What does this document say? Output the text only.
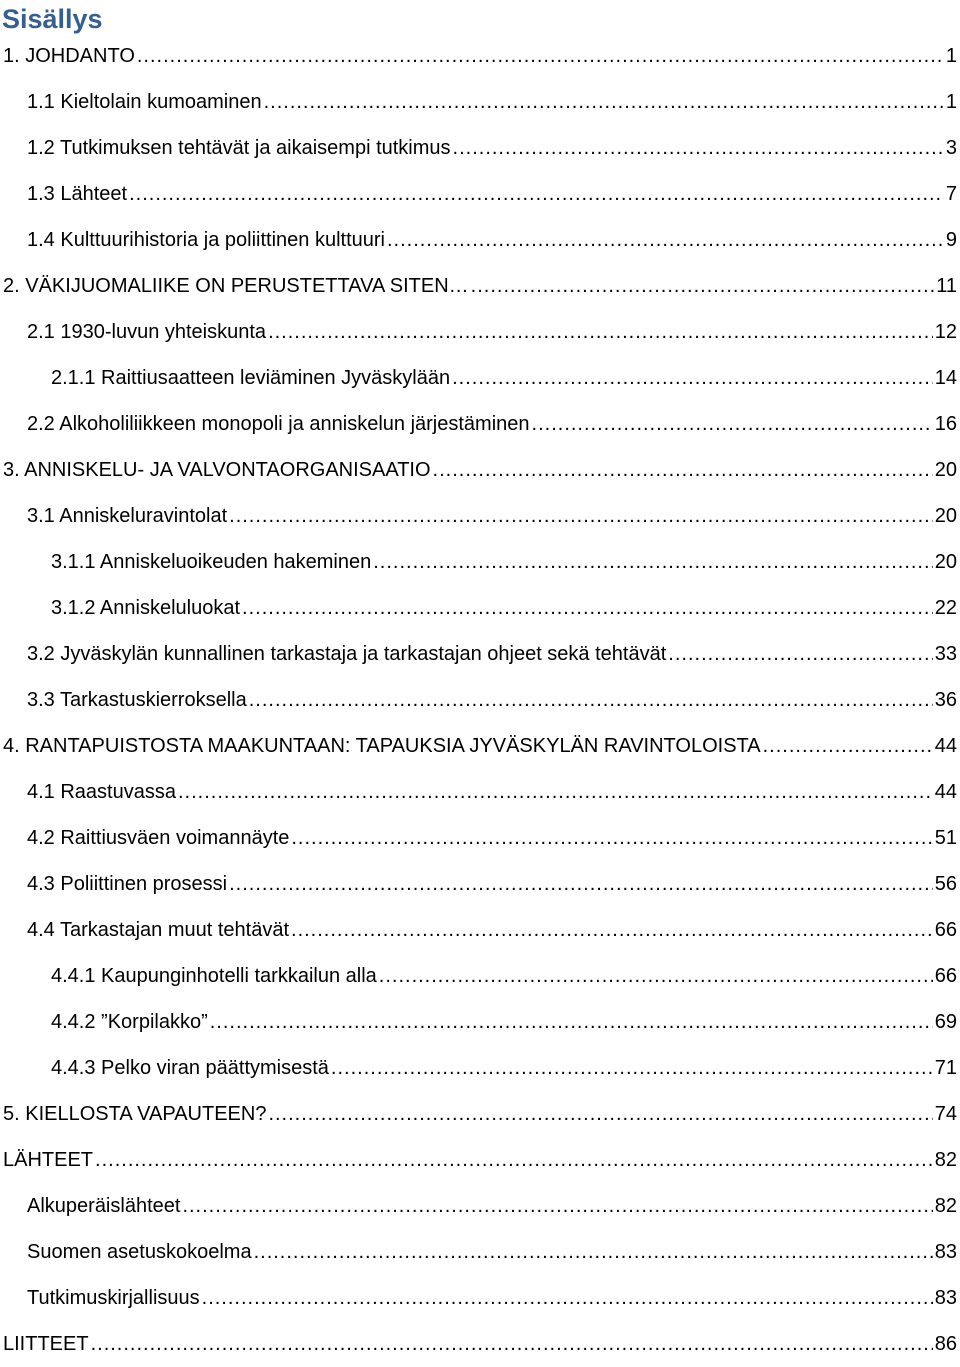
Sisällys
1. JOHDANTO .....	1
1.1 Kieltolain kumoaminen .....	1
1.2 Tutkimuksen tehtävät ja aikaisempi tutkimus .....	3
1.3 Lähteet .....	7
1.4 Kulttuurihistoria ja poliittinen kulttuuri .....	9
2. VÄKIJUOMALIIKE ON PERUSTETTAVA SITEN… .....	11
2.1 1930-luvun yhteiskunta .....	12
2.1.1 Raittiusaatteen leviäminen Jyväskylään .....	14
2.2 Alkoholiliikkeen monopoli ja anniskelun järjestäminen .....	16
3. ANNISKELU- JA VALVONTAORGANISAATIO .....	20
3.1 Anniskeluravintolat .....	20
3.1.1 Anniskeluoikeuden hakeminen .....	20
3.1.2 Anniskeluluokat .....	22
3.2 Jyväskylän kunnallinen tarkastaja ja tarkastajan ohjeet sekä tehtävät .....	33
3.3 Tarkastuskierroksella .....	36
4. RANTAPUISTOSTA MAAKUNTAAN: TAPAUKSIA JYVÄSKYLÄN RAVINTOLOISTA .....	44
4.1 Raastuvassa .....	44
4.2 Raittiusväen voimannäyte .....	51
4.3 Poliittinen prosessi .....	56
4.4 Tarkastajan muut tehtävät .....	66
4.4.1 Kaupunginhotelli tarkkailun alla .....	66
4.4.2 ”Korpilakko” .....	69
4.4.3 Pelko viran päättymisestä .....	71
5. KIELLOSTA VAPAUTEEN? .....	74
LÄHTEET .....	82
Alkuperäislähteet .....	82
Suomen asetuskokoelma .....	83
Tutkimuskirjallisuus .....	83
LIITTEET .....	86
